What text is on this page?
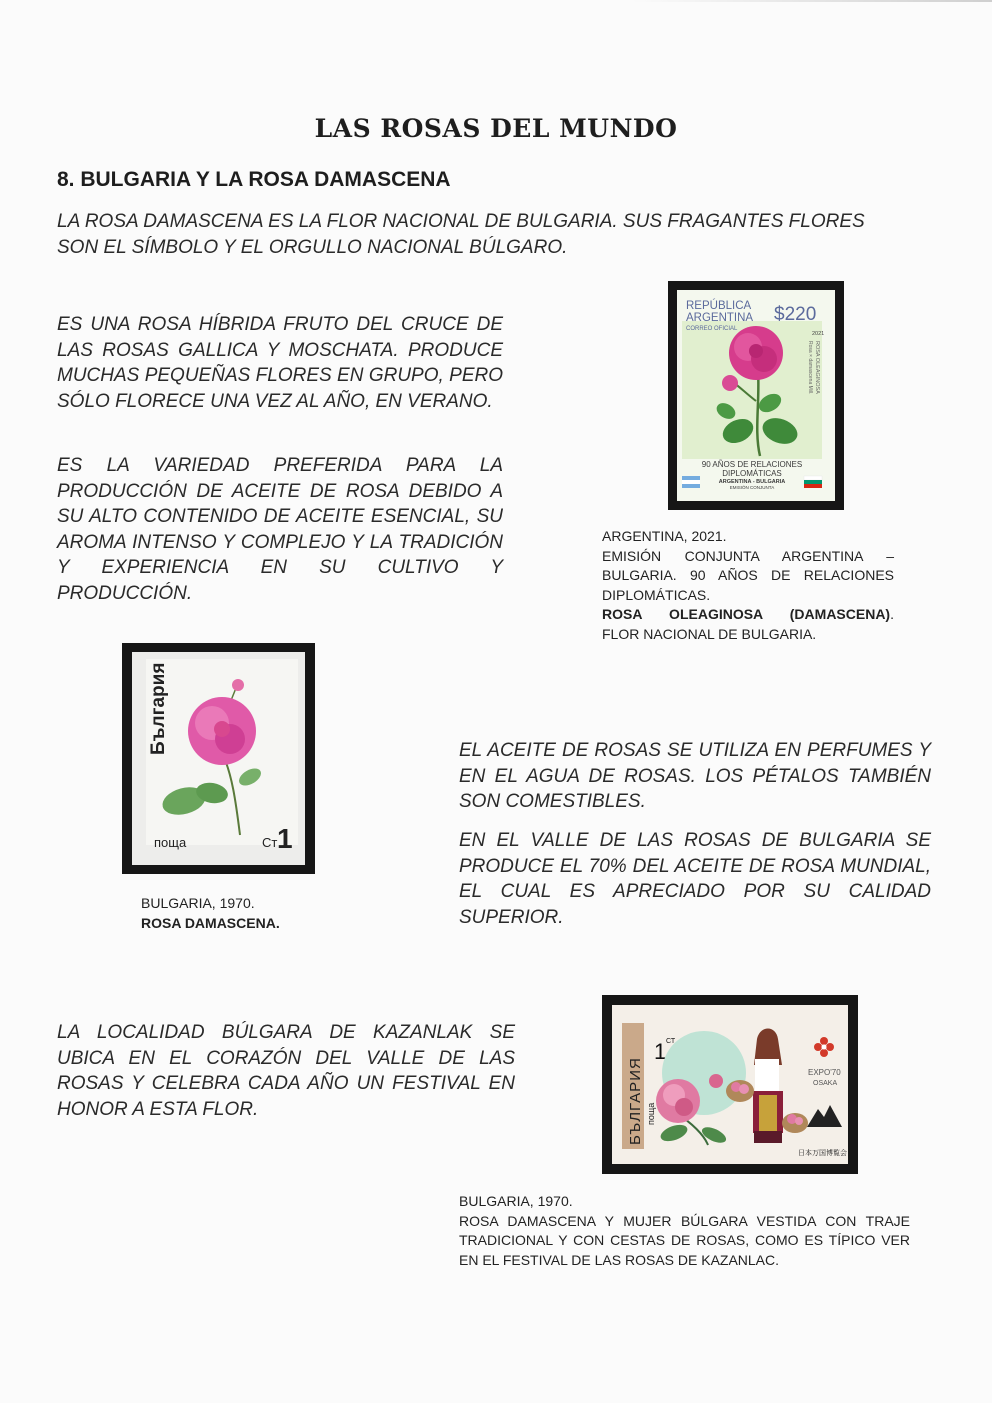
LAS ROSAS DEL MUNDO
8. BULGARIA Y LA ROSA DAMASCENA

LA ROSA DAMASCENA ES LA FLOR NACIONAL DE BULGARIA. SUS FRAGANTES FLORES SON EL SÍMBOLO Y EL ORGULLO NACIONAL BÚLGARO.

ES UNA ROSA HÍBRIDA FRUTO DEL CRUCE DE LAS ROSAS GALLICA Y MOSCHATA. PRODUCE MUCHAS PEQUEÑAS FLORES EN GRUPO, PERO SÓLO FLORECE UNA VEZ AL AÑO, EN VERANO.

ES LA VARIEDAD PREFERIDA PARA LA PRODUCCIÓN DE ACEITE DE ROSA DEBIDO A SU ALTO CONTENIDO DE ACEITE ESENCIAL, SU AROMA INTENSO Y COMPLEJO Y LA TRADICIÓN Y EXPERIENCIA EN SU CULTIVO Y PRODUCCIÓN.

REPÚBLICA
ARGENTINA
CORREO OFICIAL
$220
2021
ROSA OLEAGINOSA
Rosa × damascena Mill.
90 AÑOS DE RELACIONES
DIPLOMÁTICAS
ARGENTINA - BULGARIA
EMISIÓN CONJUNTA
ARGENTINA, 2021.
EMISIÓN CONJUNTA ARGENTINA – BULGARIA. 90 AÑOS DE RELACIONES DIPLOMÁTICAS.
ROSA OLEAGINOSA (DAMASCENA) .
FLOR NACIONAL DE BULGARIA.
България
поща	Ст 1
BULGARIA, 1970.
ROSA DAMASCENA.

EL ACEITE DE ROSAS SE UTILIZA EN PERFUMES Y EN EL AGUA DE ROSAS. LOS PÉTALOS TAMBIÉN SON COMESTIBLES.

EN EL VALLE DE LAS ROSAS DE BULGARIA SE PRODUCE EL 70% DEL ACEITE DE ROSA MUNDIAL, EL CUAL ES APRECIADO POR SU CALIDAD SUPERIOR.

LA LOCALIDAD BÚLGARA DE KAZANLAK SE UBICA EN EL CORAZÓN DEL VALLE DE LAS ROSAS Y CELEBRA CADA AÑO UN FESTIVAL EN HONOR A ESTA FLOR.	БЪЛГАРИЯ поща
1 СТ
EXPO'70
OSAKA
日本万国博覧会
BULGARIA, 1970.
ROSA DAMASCENA Y MUJER BÚLGARA VESTIDA CON TRAJE TRADICIONAL Y CON CESTAS DE ROSAS, COMO ES TÍPICO VER EN EL FESTIVAL DE LAS ROSAS DE KAZANLAC.
